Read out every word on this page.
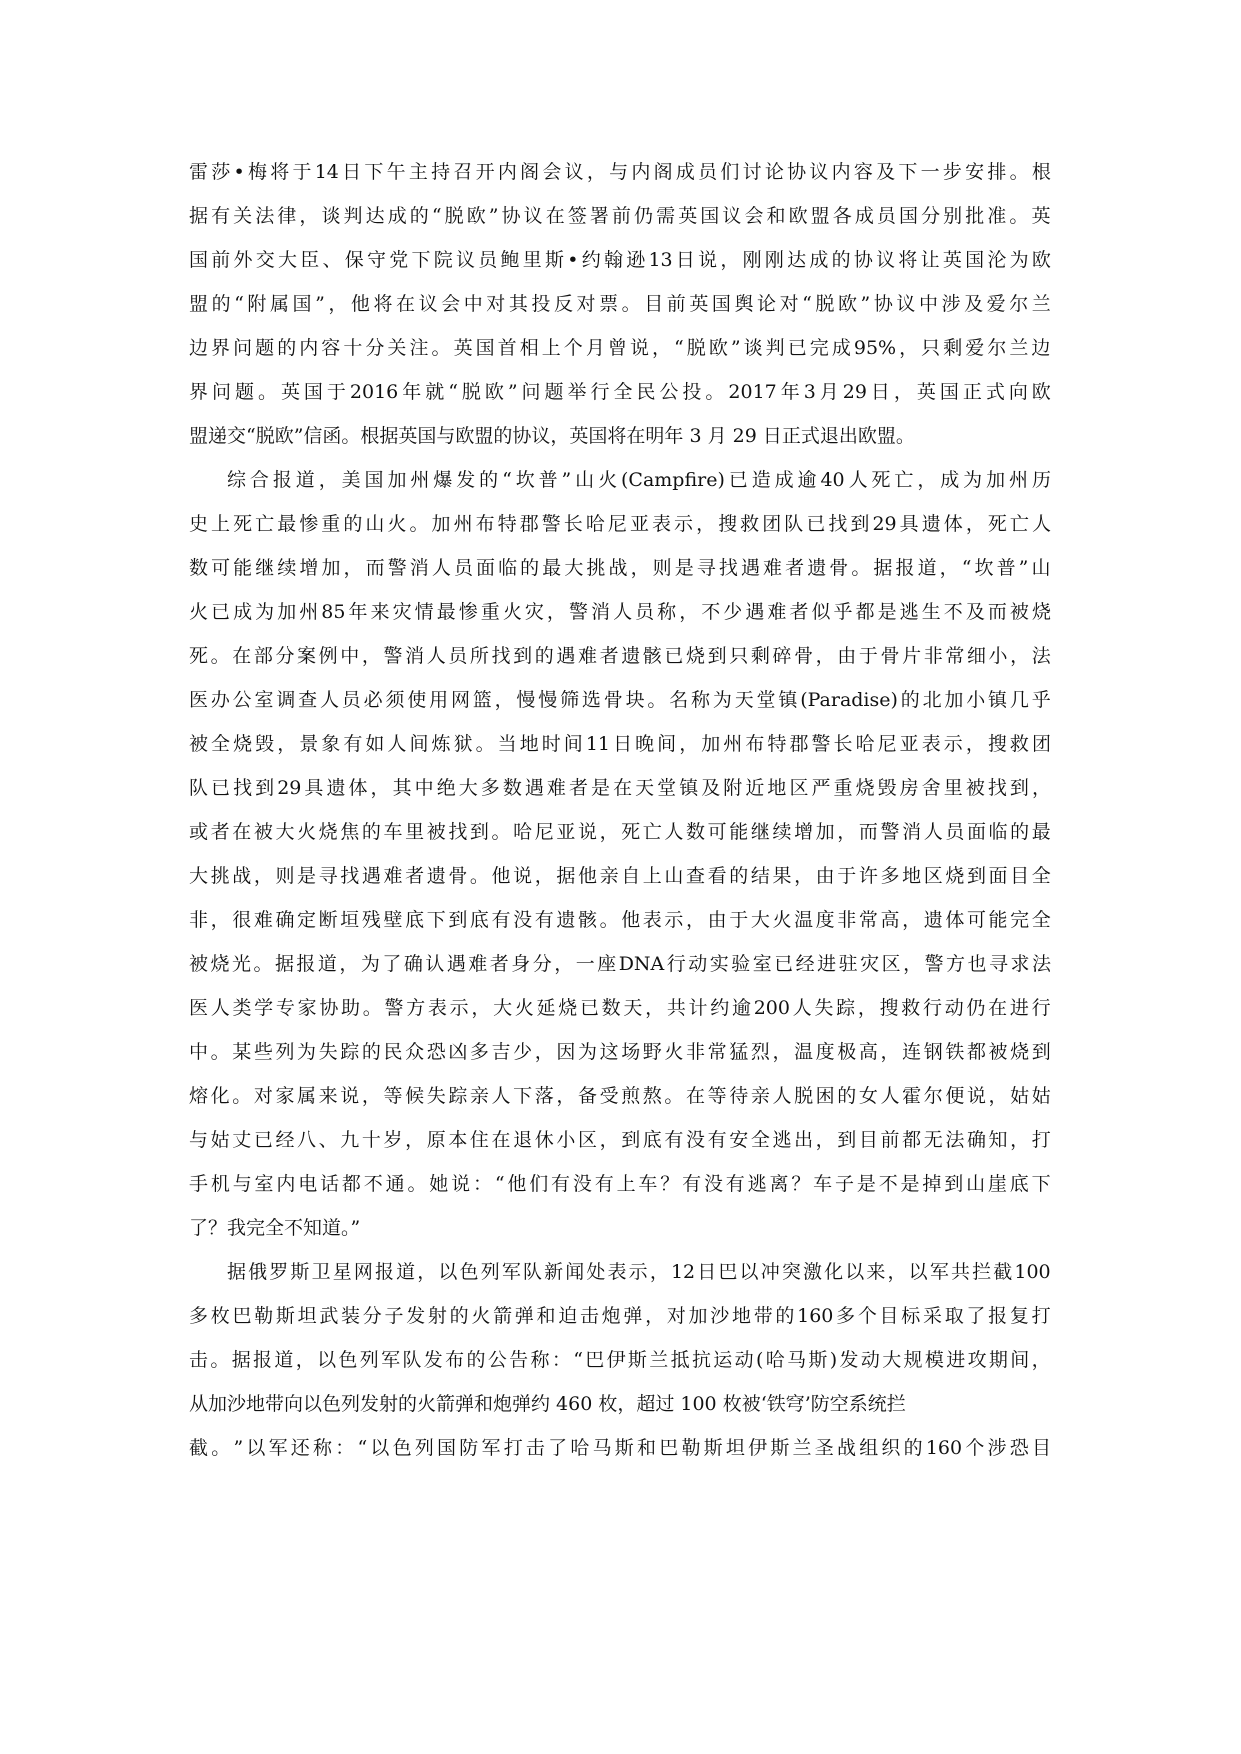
雷 莎 • 梅 将 于 14 日 下 午 主 持 召 开 内 阁 会 议 ， 与 内 阁 成 员 们 讨 论 协 议 内 容 及 下 一 步 安 排 。 根
据 有 关 法 律 ， 谈 判 达 成 的 “ 脱 欧 ” 协 议 在 签 署 前 仍 需 英 国 议 会 和 欧 盟 各 成 员 国 分 别 批 准 。 英
国 前 外 交 大 臣 、 保 守 党 下 院 议 员 鲍 里 斯 • 约 翰 逊 13 日 说 ， 刚 刚 达 成 的 协 议 将 让 英 国 沦 为 欧
盟 的 “ 附 属 国 ” ， 他 将 在 议 会 中 对 其 投 反 对 票 。 目 前 英 国 舆 论 对 “ 脱 欧 ” 协 议 中 涉 及 爱 尔 兰
边 界 问 题 的 内 容 十 分 关 注 。 英 国 首 相 上 个 月 曾 说 ， “ 脱 欧 ” 谈 判 已 完 成 95% ， 只 剩 爱 尔 兰 边
界 问 题 。 英 国 于 2016 年 就 “ 脱 欧 ” 问 题 举 行 全 民 公 投 。 2017 年 3 月 29 日 ， 英 国 正 式 向 欧
盟递交“脱欧”信函。根据英国与欧盟的协议，英国将在明年 3 月 29 日正式退出欧盟。
综 合 报 道 ， 美 国 加 州 爆 发 的 “ 坎 普 ” 山 火 (Campfire) 已 造 成 逾 40 人 死 亡 ， 成 为 加 州 历
史 上 死 亡 最 惨 重 的 山 火 。 加 州 布 特 郡 警 长 哈 尼 亚 表 示 ， 搜 救 团 队 已 找 到 29 具 遗 体 ， 死 亡 人
数 可 能 继 续 增 加 ， 而 警 消 人 员 面 临 的 最 大 挑 战 ， 则 是 寻 找 遇 难 者 遗 骨 。 据 报 道 ， “ 坎 普 ” 山
火 已 成 为 加 州 85 年 来 灾 情 最 惨 重 火 灾 ， 警 消 人 员 称 ， 不 少 遇 难 者 似 乎 都 是 逃 生 不 及 而 被 烧
死 。 在 部 分 案 例 中 ， 警 消 人 员 所 找 到 的 遇 难 者 遗 骸 已 烧 到 只 剩 碎 骨 ， 由 于 骨 片 非 常 细 小 ， 法
医 办 公 室 调 查 人 员 必 须 使 用 网 篮 ， 慢 慢 筛 选 骨 块 。 名 称 为 天 堂 镇 (Paradise) 的 北 加 小 镇 几 乎
被 全 烧 毁 ， 景 象 有 如 人 间 炼 狱 。 当 地 时 间 11 日 晚 间 ， 加 州 布 特 郡 警 长 哈 尼 亚 表 示 ， 搜 救 团
队 已 找 到 29 具 遗 体 ， 其 中 绝 大 多 数 遇 难 者 是 在 天 堂 镇 及 附 近 地 区 严 重 烧 毁 房 舍 里 被 找 到 ，
或 者 在 被 大 火 烧 焦 的 车 里 被 找 到 。 哈 尼 亚 说 ， 死 亡 人 数 可 能 继 续 增 加 ， 而 警 消 人 员 面 临 的 最
大 挑 战 ， 则 是 寻 找 遇 难 者 遗 骨 。 他 说 ， 据 他 亲 自 上 山 查 看 的 结 果 ， 由 于 许 多 地 区 烧 到 面 目 全
非 ， 很 难 确 定 断 垣 残 壁 底 下 到 底 有 没 有 遗 骸 。 他 表 示 ， 由 于 大 火 温 度 非 常 高 ， 遗 体 可 能 完 全
被 烧 光 。 据 报 道 ， 为 了 确 认 遇 难 者 身 分 ， 一 座 DNA 行 动 实 验 室 已 经 进 驻 灾 区 ， 警 方 也 寻 求 法
医 人 类 学 专 家 协 助 。 警 方 表 示 ， 大 火 延 烧 已 数 天 ， 共 计 约 逾 200 人 失 踪 ， 搜 救 行 动 仍 在 进 行
中 。 某 些 列 为 失 踪 的 民 众 恐 凶 多 吉 少 ， 因 为 这 场 野 火 非 常 猛 烈 ， 温 度 极 高 ， 连 钢 铁 都 被 烧 到
熔 化 。 对 家 属 来 说 ， 等 候 失 踪 亲 人 下 落 ， 备 受 煎 熬 。 在 等 待 亲 人 脱 困 的 女 人 霍 尔 便 说 ， 姑 姑
与 姑 丈 已 经 八 、 九 十 岁 ， 原 本 住 在 退 休 小 区 ， 到 底 有 没 有 安 全 逃 出 ， 到 目 前 都 无 法 确 知 ， 打
手 机 与 室 内 电 话 都 不 通 。 她 说 ： “ 他 们 有 没 有 上 车 ？ 有 没 有 逃 离 ？ 车 子 是 不 是 掉 到 山 崖 底 下
了？我完全不知道。”
据 俄 罗 斯 卫 星 网 报 道 ， 以 色 列 军 队 新 闻 处 表 示 ， 12 日 巴 以 冲 突 激 化 以 来 ， 以 军 共 拦 截 100
多 枚 巴 勒 斯 坦 武 装 分 子 发 射 的 火 箭 弹 和 迫 击 炮 弹 ， 对 加 沙 地 带 的 160 多 个 目 标 采 取 了 报 复 打
击 。 据 报 道 ， 以 色 列 军 队 发 布 的 公 告 称 ： “ 巴 伊 斯 兰 抵 抗 运 动 ( 哈 马 斯 ) 发 动 大 规 模 进 攻 期 间 ，
从加沙地带向以色列发射的火箭弹和炮弹约 460 枚，超过 100 枚被‘铁穹’防空系统拦
截 。 ” 以 军 还 称 ： “ 以 色 列 国 防 军 打 击 了 哈 马 斯 和 巴 勒 斯 坦 伊 斯 兰 圣 战 组 织 的 160 个 涉 恐 目
